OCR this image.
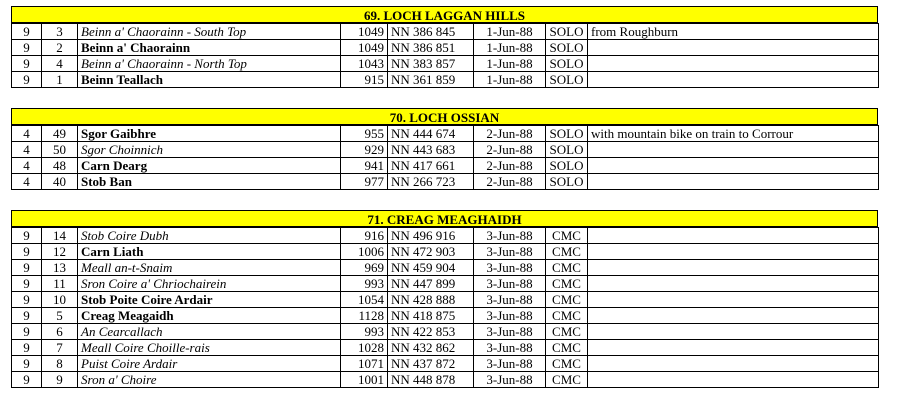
69. LOCH LAGGAN HILLS
9	3	Beinn a' Chaorainn - South Top	1049	NN 386 845	1-Jun-88	SOLO	from Roughburn
9	2	Beinn a' Chaorainn	1049	NN 386 851	1-Jun-88	SOLO	
9	4	Beinn a' Chaorainn - North Top	1043	NN 383 857	1-Jun-88	SOLO	
9	1	Beinn Teallach	915	NN 361 859	1-Jun-88	SOLO	
70. LOCH OSSIAN
4	49	Sgor Gaibhre	955	NN 444 674	2-Jun-88	SOLO	with mountain bike on train to Corrour
4	50	Sgor Choinnich	929	NN 443 683	2-Jun-88	SOLO	
4	48	Carn Dearg	941	NN 417 661	2-Jun-88	SOLO	
4	40	Stob Ban	977	NN 266 723	2-Jun-88	SOLO	
71. CREAG MEAGHAIDH
9	14	Stob Coire Dubh	916	NN 496 916	3-Jun-88	CMC	
9	12	Carn Liath	1006	NN 472 903	3-Jun-88	CMC	
9	13	Meall an-t-Snaim	969	NN 459 904	3-Jun-88	CMC	
9	11	Sron Coire a' Chriochairein	993	NN 447 899	3-Jun-88	CMC	
9	10	Stob Poite Coire Ardair	1054	NN 428 888	3-Jun-88	CMC	
9	5	Creag Meagaidh	1128	NN 418 875	3-Jun-88	CMC	
9	6	An Cearcallach	993	NN 422 853	3-Jun-88	CMC	
9	7	Meall Coire Choille-rais	1028	NN 432 862	3-Jun-88	CMC	
9	8	Puist Coire Ardair	1071	NN 437 872	3-Jun-88	CMC	
9	9	Sron a' Choire	1001	NN 448 878	3-Jun-88	CMC	
